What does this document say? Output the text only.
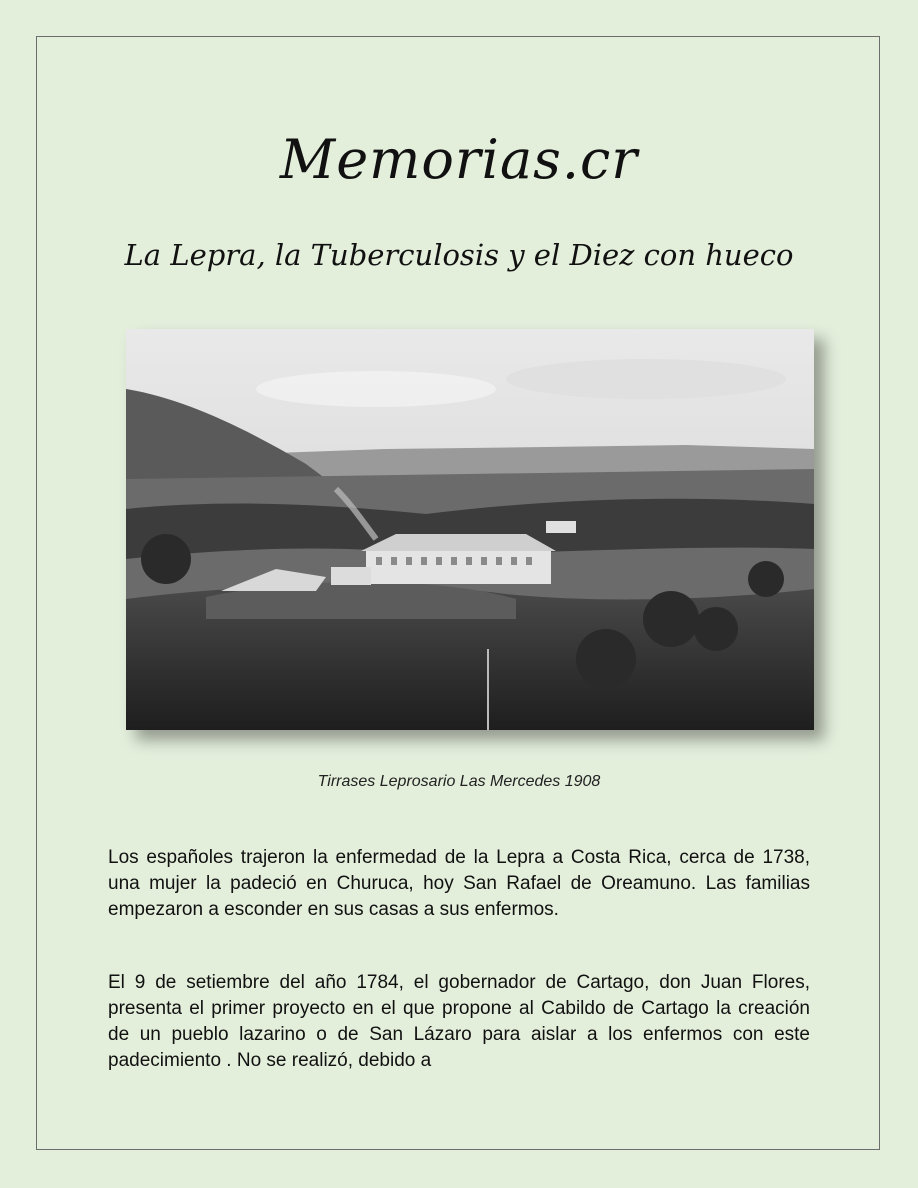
Memorias.cr
La Lepra, la Tuberculosis y el Diez con hueco
Tirrases Leprosario Las Mercedes 1908
Los españoles trajeron la enfermedad de la Lepra a Costa Rica, cerca de 1738, una mujer la padeció en Churuca, hoy San Rafael de Oreamuno. Las familias empezaron a esconder en sus casas a sus enfermos.
El 9 de setiembre del año 1784, el gobernador de Cartago, don Juan Flores, presenta el primer proyecto en el que propone al Cabildo de Cartago la creación de un pueblo lazarino o de San Lázaro para aislar a los enfermos con este padecimiento . No se realizó, debido a
